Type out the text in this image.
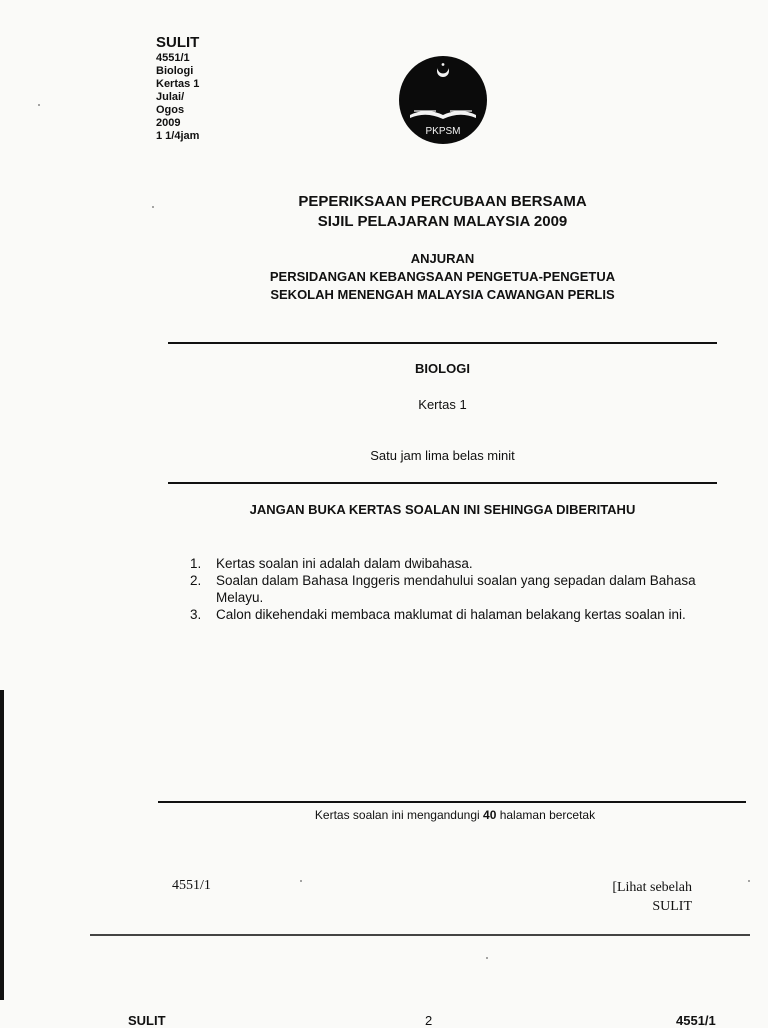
SULIT
4551/1
Biologi
Kertas 1
Julai/
Ogos
2009
1 1/4jam	PKPSM
PEPERIKSAAN PERCUBAAN BERSAMA
SIJIL PELAJARAN MALAYSIA 2009
ANJURAN
PERSIDANGAN KEBANGSAAN PENGETUA-PENGETUA
SEKOLAH MENENGAH MALAYSIA CAWANGAN PERLIS
BIOLOGI
Kertas 1
Satu jam lima belas minit
JANGAN BUKA KERTAS SOALAN INI SEHINGGA DIBERITAHU
1.	Kertas soalan ini adalah dalam dwibahasa.
2.	Soalan dalam Bahasa Inggeris mendahului soalan yang sepadan dalam Bahasa Melayu.
3.	Calon dikehendaki membaca maklumat di halaman belakang kertas soalan ini.
Kertas soalan ini mengandungi 40 halaman bercetak
4551/1	[Lihat sebelah
SULIT
SULIT	2	4551/1
